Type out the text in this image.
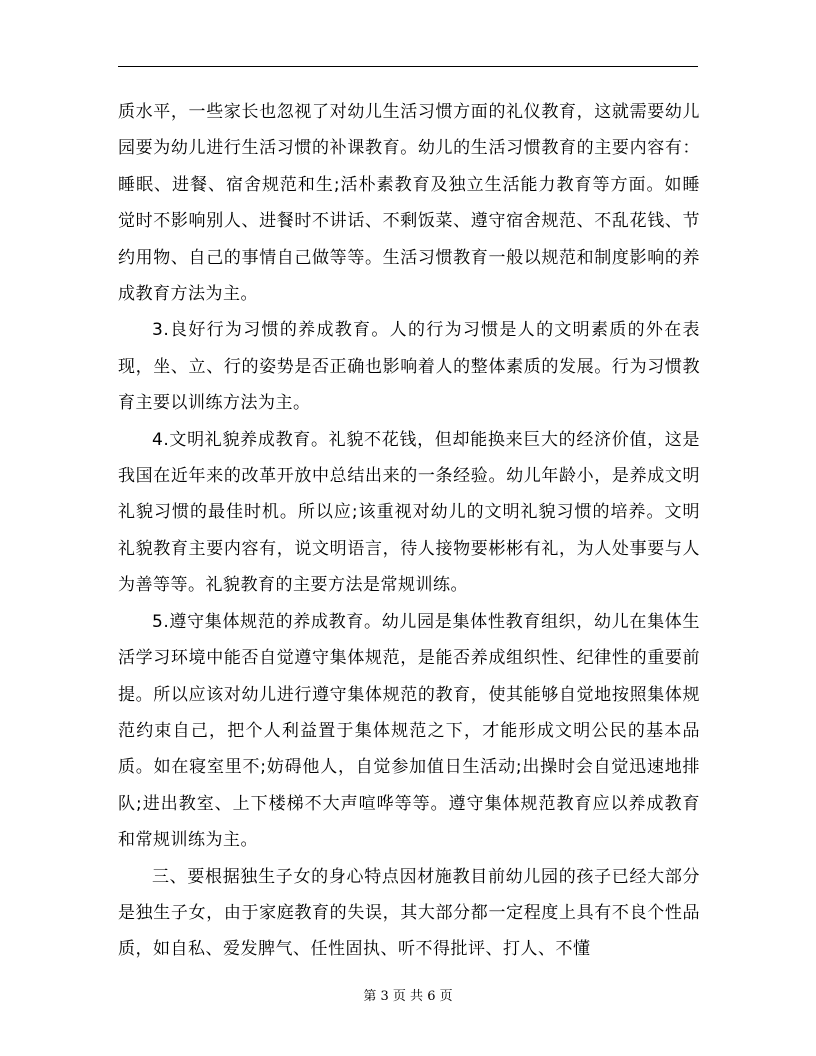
质水平，一些家长也忽视了对幼儿生活习惯方面的礼仪教育，这就需要幼儿园要为幼儿进行生活习惯的补课教育。幼儿的生活习惯教育的主要内容有：睡眠、进餐、宿舍规范和生;活朴素教育及独立生活能力教育等方面。如睡觉时不影响别人、进餐时不讲话、不剩饭菜、遵守宿舍规范、不乱花钱、节约用物、自己的事情自己做等等。生活习惯教育一般以规范和制度影响的养成教育方法为主。

3.良好行为习惯的养成教育。人的行为习惯是人的文明素质的外在表现，坐、立、行的姿势是否正确也影响着人的整体素质的发展。行为习惯教育主要以训练方法为主。

4.文明礼貌养成教育。礼貌不花钱，但却能换来巨大的经济价值，这是我国在近年来的改革开放中总结出来的一条经验。幼儿年龄小，是养成文明礼貌习惯的最佳时机。所以应;该重视对幼儿的文明礼貌习惯的培养。文明礼貌教育主要内容有，说文明语言，待人接物要彬彬有礼，为人处事要与人为善等等。礼貌教育的主要方法是常规训练。

5.遵守集体规范的养成教育。幼儿园是集体性教育组织，幼儿在集体生活学习环境中能否自觉遵守集体规范，是能否养成组织性、纪律性的重要前提。所以应该对幼儿进行遵守集体规范的教育，使其能够自觉地按照集体规范约束自己，把个人利益置于集体规范之下，才能形成文明公民的基本品质。如在寝室里不;妨碍他人，自觉参加值日生活动;出操时会自觉迅速地排队;进出教室、上下楼梯不大声喧哗等等。遵守集体规范教育应以养成教育和常规训练为主。

三、要根据独生子女的身心特点因材施教目前幼儿园的孩子已经大部分是独生子女，由于家庭教育的失误，其大部分都一定程度上具有不良个性品质，如自私、爱发脾气、任性固执、听不得批评、打人、不懂

第 3 页 共 6 页
